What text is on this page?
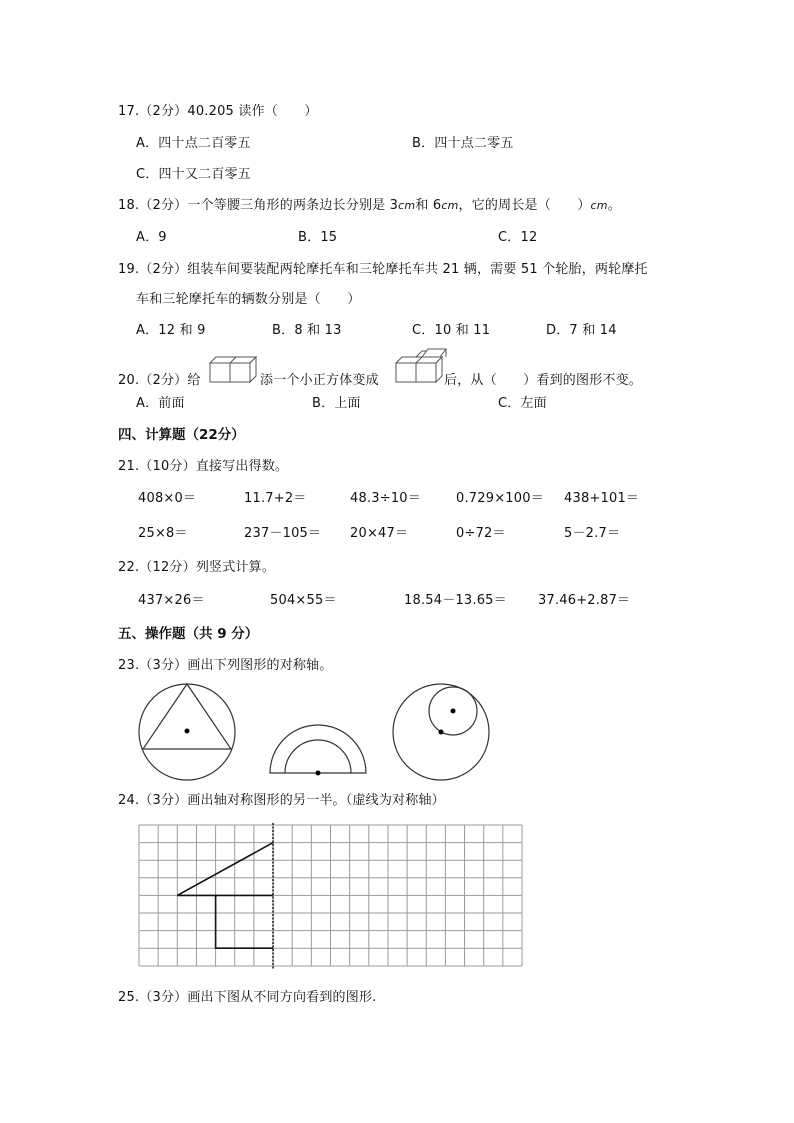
17.（2分）40.205 读作（　　）
A．四十点二百零五	B．四十点二零五
C．四十又二百零五
18.（2分）一个等腰三角形的两条边长分别是 3cm和 6cm，它的周长是（　　）cm。
A．9	B．15	C．12
19.（2分）组装车间要装配两轮摩托车和三轮摩托车共 21 辆，需要 51 个轮胎，两轮摩托
车和三轮摩托车的辆数分别是（　　）
A．12 和 9	B．8 和 13	C．10 和 11	D．7 和 14
20.（2分）给	添一个小正方体变成	后，从（　　）看到的图形不变。
A．前面	B．上面	C．左面
四、计算题（22分）
21.（10分）直接写出得数。
408×0＝	11.7+2＝	48.3÷10＝	0.729×100＝ 438+101＝
25×8＝	237－105＝ 20×47＝	0÷72＝	5－2.7＝
22.（12分）列竖式计算。
437×26＝	504×55＝	18.54－13.65＝ 37.46+2.87＝
五、操作题（共 9 分）
23.（3分）画出下列图形的对称轴。
24.（3分）画出轴对称图形的另一半。（虚线为对称轴）
25.（3分）画出下图从不同方向看到的图形.
